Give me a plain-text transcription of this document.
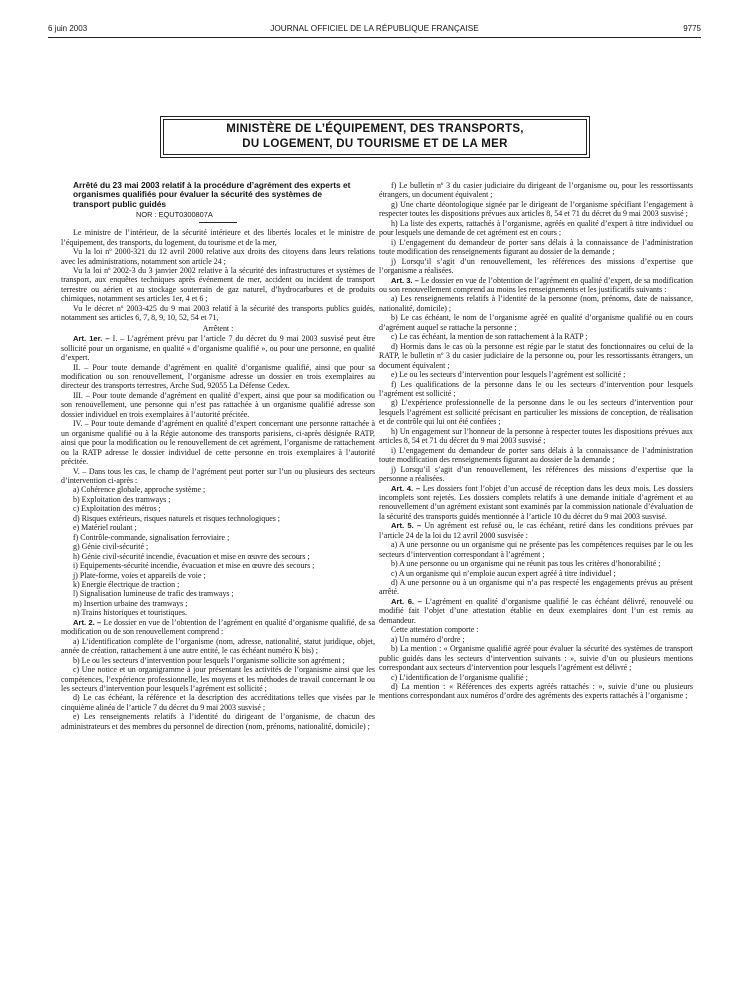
6 juin 2003	JOURNAL OFFICIEL DE LA RÉPUBLIQUE FRANÇAISE	9775
MINISTÈRE DE L’ÉQUIPEMENT, DES TRANSPORTS,
DU LOGEMENT, DU TOURISME ET DE LA MER
Arrêté du 23 mai 2003 relatif à la procédure d’agrément des experts et organismes qualifiés pour évaluer la sécurité des systèmes de transport public guidés
NOR : EQUT0300807A

Le ministre de l’intérieur, de la sécurité intérieure et des libertés locales et le ministre de l’équipement, des transports, du logement, du tourisme et de la mer,

Vu la loi nº 2000-321 du 12 avril 2000 relative aux droits des citoyens dans leurs relations avec les administrations, notamment son article 24 ;

Vu la loi nº 2002-3 du 3 janvier 2002 relative à la sécurité des infrastructures et systèmes de transport, aux enquêtes techniques après événement de mer, accident ou incident de transport terrestre ou aérien et au stockage souterrain de gaz naturel, d’hydrocarbures et de produits chimiques, notamment ses articles 1er, 4 et 6 ;

Vu le décret nº 2003-425 du 9 mai 2003 relatif à la sécurité des transports publics guidés, notamment ses articles 6, 7, 8, 9, 10, 52, 54 et 71,

Arrêtent :

Art. 1er. – I. – L’agrément prévu par l’article 7 du décret du 9 mai 2003 susvisé peut être sollicité pour un organisme, en qualité « d’organisme qualifié », ou pour une personne, en qualité d’expert.

II. – Pour toute demande d’agrément en qualité d’organisme qualifié, ainsi que pour sa modification ou son renouvellement, l’organisme adresse un dossier en trois exemplaires au directeur des transports terrestres, Arche Sud, 92055 La Défense Cedex.

III. – Pour toute demande d’agrément en qualité d’expert, ainsi que pour sa modification ou son renouvellement, une personne qui n’est pas rattachée à un organisme qualifié adresse son dossier individuel en trois exemplaires à l’autorité précitée.

IV. – Pour toute demande d’agrément en qualité d’expert concernant une personne rattachée à un organisme qualifié ou à la Régie autonome des transports parisiens, ci-après désignée RATP, ainsi que pour la modification ou le renouvellement de cet agrément, l’organisme de rattachement ou la RATP adresse le dossier individuel de cette personne en trois exemplaires à l’autorité précitée.

V. – Dans tous les cas, le champ de l’agrément peut porter sur l’un ou plusieurs des secteurs d’intervention ci-après :

a) Cohérence globale, approche système ;

b) Exploitation des tramways ;

c) Exploitation des métros ;

d) Risques extérieurs, risques naturels et risques technologiques ;

e) Matériel roulant ;

f) Contrôle-commande, signalisation ferroviaire ;

g) Génie civil-sécurité ;

h) Génie civil-sécurité incendie, évacuation et mise en œuvre des secours ;

i) Equipements-sécurité incendie, évacuation et mise en œuvre des secours ;

j) Plate-forme, voies et appareils de voie ;

k) Energie électrique de traction ;

l) Signalisation lumineuse de trafic des tramways ;

m) Insertion urbaine des tramways ;

n) Trains historiques et touristiques.

Art. 2. – Le dossier en vue de l’obtention de l’agrément en qualité d’organisme qualifié, de sa modification ou de son renouvellement comprend :

a) L’identification complète de l’organisme (nom, adresse, nationalité, statut juridique, objet, année de création, rattachement à une autre entité, le cas échéant numéro K bis) ;

b) Le ou les secteurs d’intervention pour lesquels l’organisme sollicite son agrément ;

c) Une notice et un organigramme à jour présentant les activités de l’organisme ainsi que les compétences, l’expérience professionnelle, les moyens et les méthodes de travail concernant le ou les secteurs d’intervention pour lesquels l’agrément est sollicité ;

d) Le cas échéant, la référence et la description des accréditations telles que visées par le cinquième alinéa de l’article 7 du décret du 9 mai 2003 susvisé ;

e) Les renseignements relatifs à l’identité du dirigeant de l’organisme, de chacun des administrateurs et des membres du personnel de direction (nom, prénoms, nationalité, domicile) ;

f) Le bulletin nº 3 du casier judiciaire du dirigeant de l’organisme ou, pour les ressortissants étrangers, un document équivalent ;

g) Une charte déontologique signée par le dirigeant de l’organisme spécifiant l’engagement à respecter toutes les dispositions prévues aux articles 8, 54 et 71 du décret du 9 mai 2003 susvisé ;

h) La liste des experts, rattachés à l’organisme, agréés en qualité d’expert à titre individuel ou pour lesquels une demande de cet agrément est en cours ;

i) L’engagement du demandeur de porter sans délais à la connaissance de l’administration toute modification des renseignements figurant au dossier de la demande ;

j) Lorsqu’il s’agit d’un renouvellement, les références des missions d’expertise que l’organisme a réalisées.

Art. 3. – Le dossier en vue de l’obtention de l’agrément en qualité d’expert, de sa modification ou son renouvellement comprend au moins les renseignements et les justificatifs suivants :

a) Les renseignements relatifs à l’identité de la personne (nom, prénoms, date de naissance, nationalité, domicile) ;

b) Le cas échéant, le nom de l’organisme agréé en qualité d’organisme qualifié ou en cours d’agrément auquel se rattache la personne ;

c) Le cas échéant, la mention de son rattachement à la RATP ;

d) Hormis dans le cas où la personne est régie par le statut des fonctionnaires ou celui de la RATP, le bulletin nº 3 du casier judiciaire de la personne ou, pour les ressortissants étrangers, un document équivalent ;

e) Le ou les secteurs d’intervention pour lesquels l’agrément est sollicité ;

f) Les qualifications de la personne dans le ou les secteurs d’intervention pour lesquels l’agrément est sollicité ;

g) L’expérience professionnelle de la personne dans le ou les secteurs d’intervention pour lesquels l’agrément est sollicité précisant en particulier les missions de conception, de réalisation et de contrôle qui lui ont été confiées ;

h) Un engagement sur l’honneur de la personne à respecter toutes les dispositions prévues aux articles 8, 54 et 71 du décret du 9 mai 2003 susvisé ;

i) L’engagement du demandeur de porter sans délais à la connaissance de l’administration toute modification des renseignements figurant au dossier de la demande ;

j) Lorsqu’il s’agit d’un renouvellement, les références des missions d’expertise que la personne a réalisées.

Art. 4. – Les dossiers font l’objet d’un accusé de réception dans les deux mois. Les dossiers incomplets sont rejetés. Les dossiers complets relatifs à une demande initiale d’agrément et au renouvellement d’un agrément existant sont examinés par la commission nationale d’évaluation de la sécurité des transports guidés mentionnée à l’article 10 du décret du 9 mai 2003 susvisé.

Art. 5. – Un agrément est refusé ou, le cas échéant, retiré dans les conditions prévues par l’article 24 de la loi du 12 avril 2000 susvisée :

a) A une personne ou un organisme qui ne présente pas les compétences requises par le ou les secteurs d’intervention correspondant à l’agrément ;

b) A une personne ou un organisme qui ne réunit pas tous les critères d’honorabilité ;

c) A un organisme qui n’emploie aucun expert agréé à titre individuel ;

d) A une personne ou à un organisme qui n’a pas respecté les engagements prévus au présent arrêté.

Art. 6. – L’agrément en qualité d’organisme qualifié le cas échéant délivré, renouvelé ou modifié fait l’objet d’une attestation établie en deux exemplaires dont l’un est remis au demandeur.

Cette attestation comporte :

a) Un numéro d’ordre ;

b) La mention : « Organisme qualifié agréé pour évaluer la sécurité des systèmes de transport public guidés dans les secteurs d’intervention suivants : », suivie d’un ou plusieurs mentions correspondant aux secteurs d’intervention pour lesquels l’agrément est délivré ;

c) L’identification de l’organisme qualifié ;

d) La mention : « Références des experts agréés rattachés : », suivie d’une ou plusieurs mentions correspondant aux numéros d’ordre des agréments des experts rattachés à l’organisme ;
